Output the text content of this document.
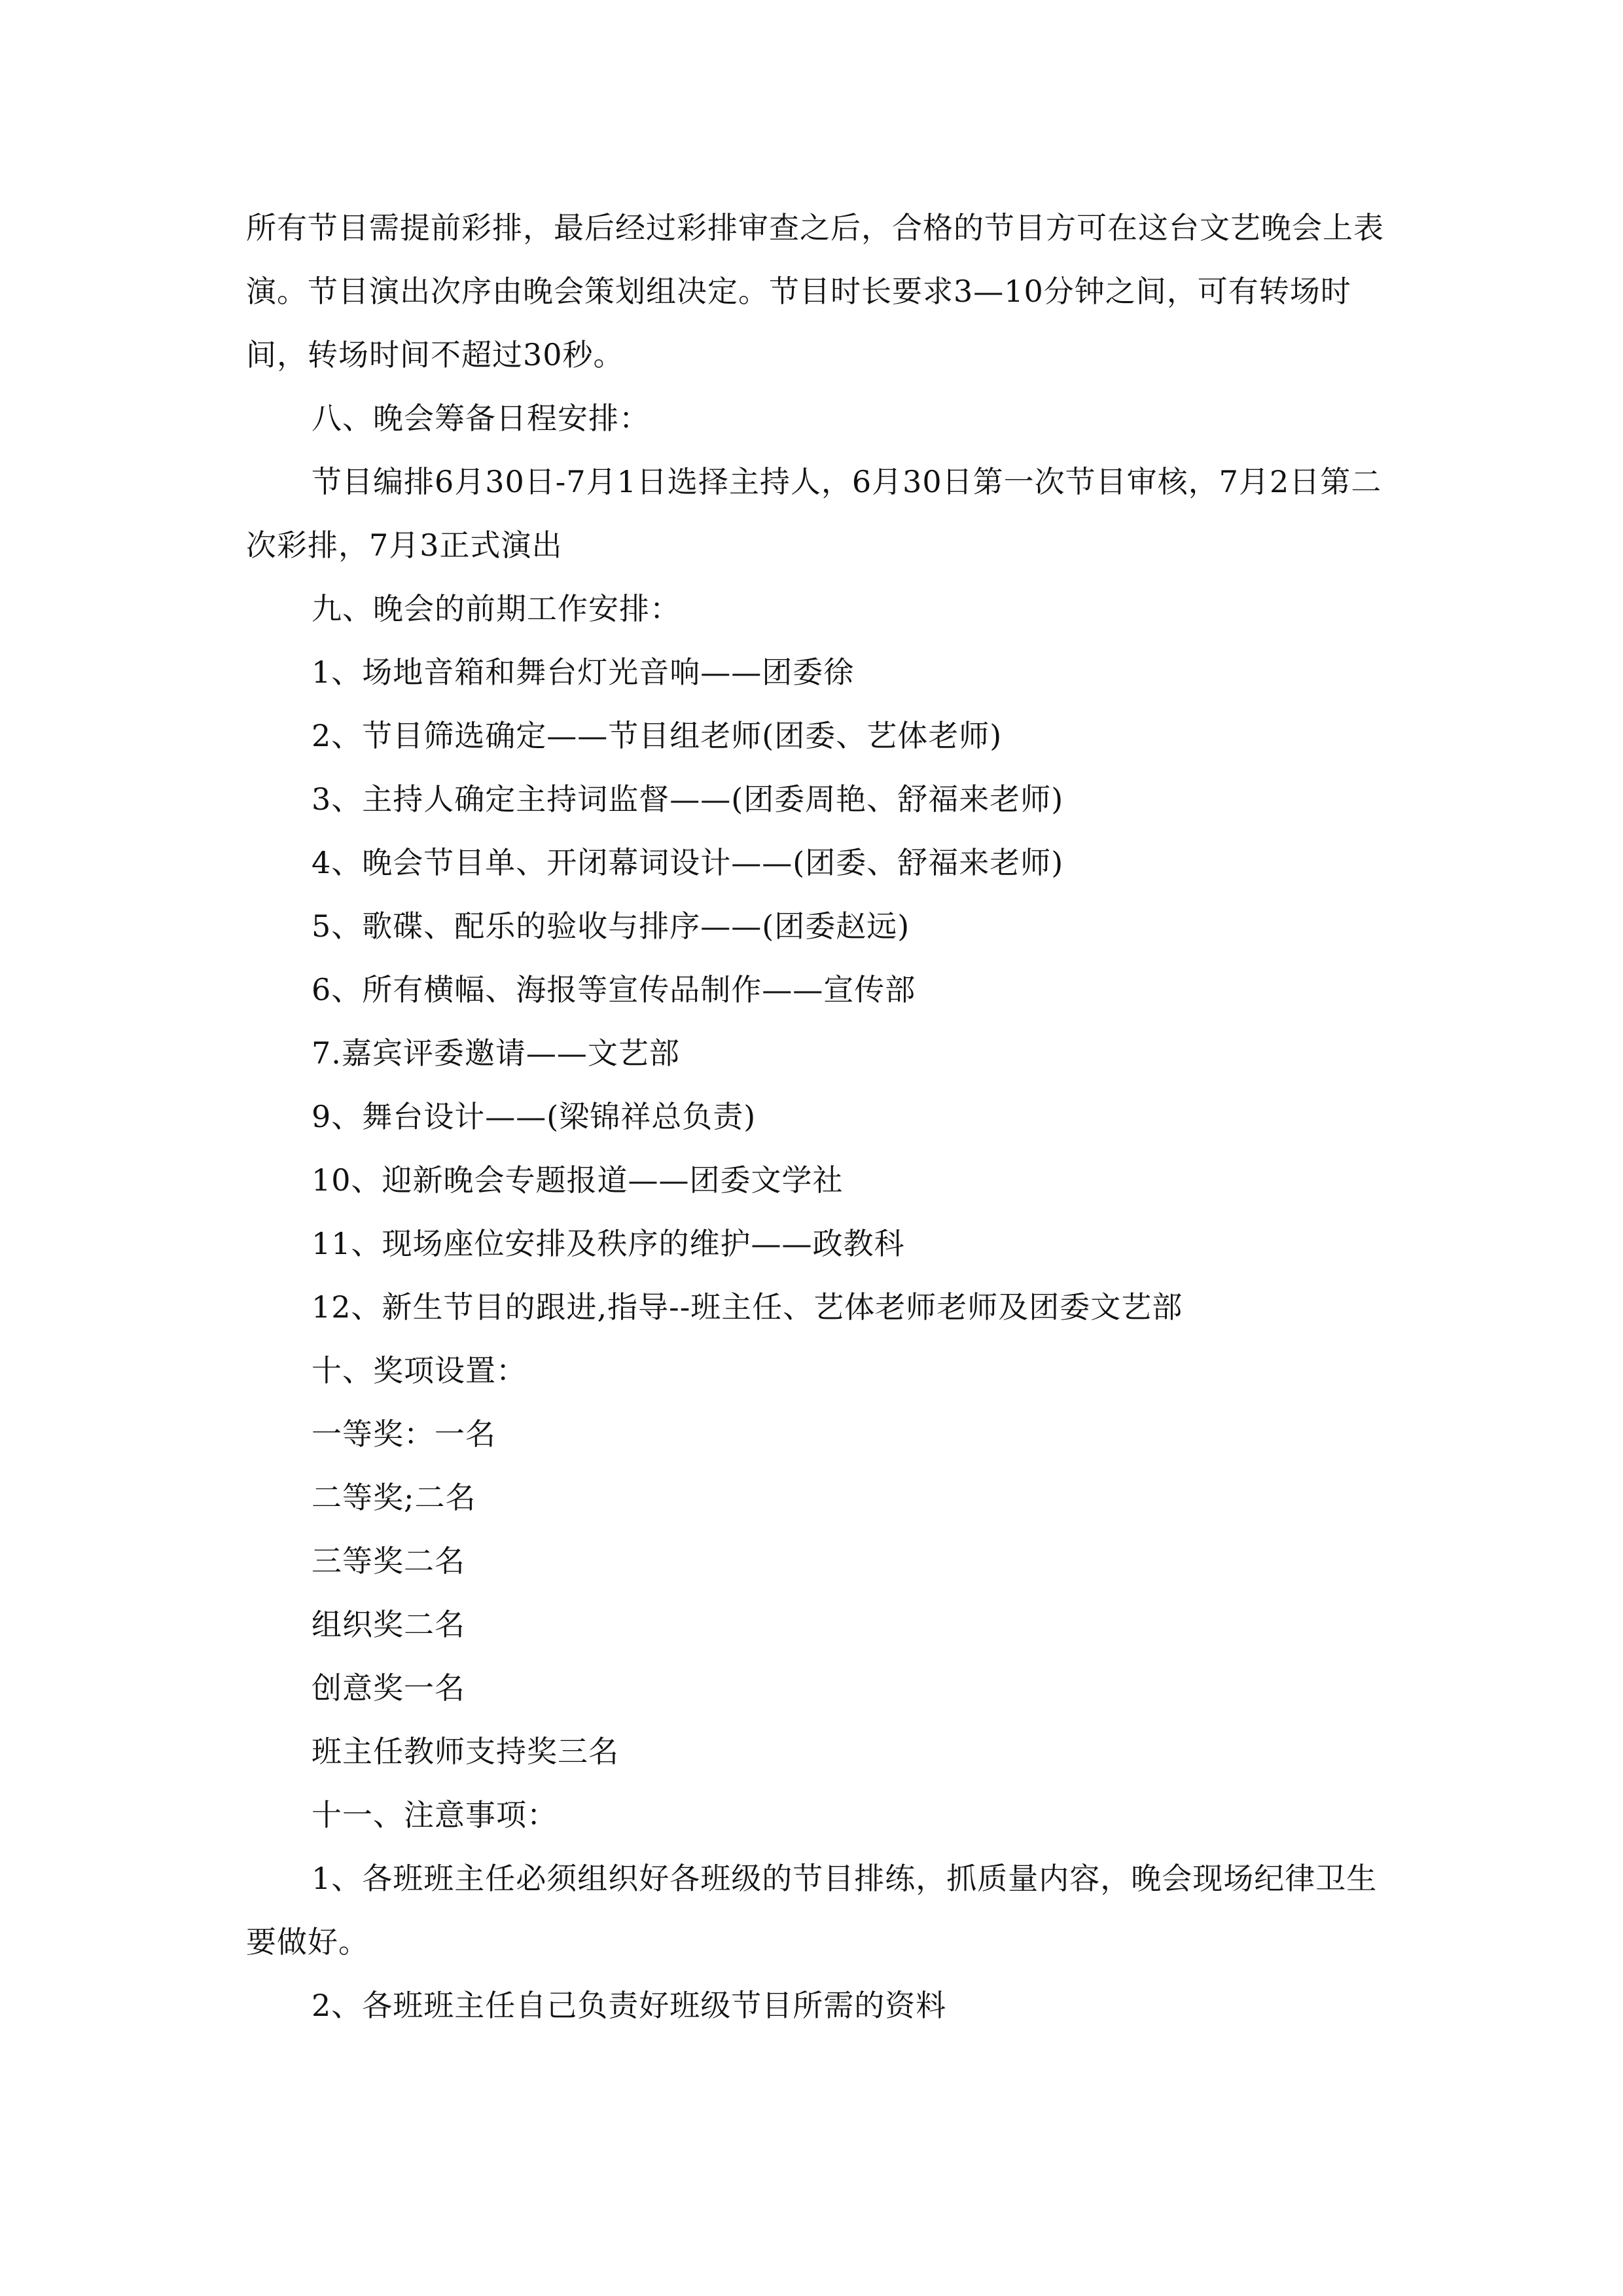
所有节目需提前彩排，最后经过彩排审查之后，合格的节目方可在这台文艺晚会上表演。节目演出次序由晚会策划组决定。节目时长要求3—10分钟之间，可有转场时间，转场时间不超过30秒。

八、晚会筹备日程安排：

节目编排6月30日-7月1日选择主持人，6月30日第一次节目审核，7月2日第二次彩排，7月3正式演出

九、晚会的前期工作安排：

1、场地音箱和舞台灯光音响——团委徐

2、节目筛选确定——节目组老师(团委、艺体老师)

3、主持人确定主持词监督——(团委周艳、舒福来老师)

4、晚会节目单、开闭幕词设计——(团委、舒福来老师)

5、歌碟、配乐的验收与排序——(团委赵远)

6、所有横幅、海报等宣传品制作——宣传部

7.嘉宾评委邀请——文艺部

9、舞台设计——(梁锦祥总负责)

10、迎新晚会专题报道——团委文学社

11、现场座位安排及秩序的维护——政教科

12、新生节目的跟进,指导--班主任、艺体老师老师及团委文艺部

十、奖项设置：

一等奖：一名

二等奖;二名

三等奖二名

组织奖二名

创意奖一名

班主任教师支持奖三名

十一、注意事项：

1、各班班主任必须组织好各班级的节目排练，抓质量内容，晚会现场纪律卫生要做好。

2、各班班主任自己负责好班级节目所需的资料
